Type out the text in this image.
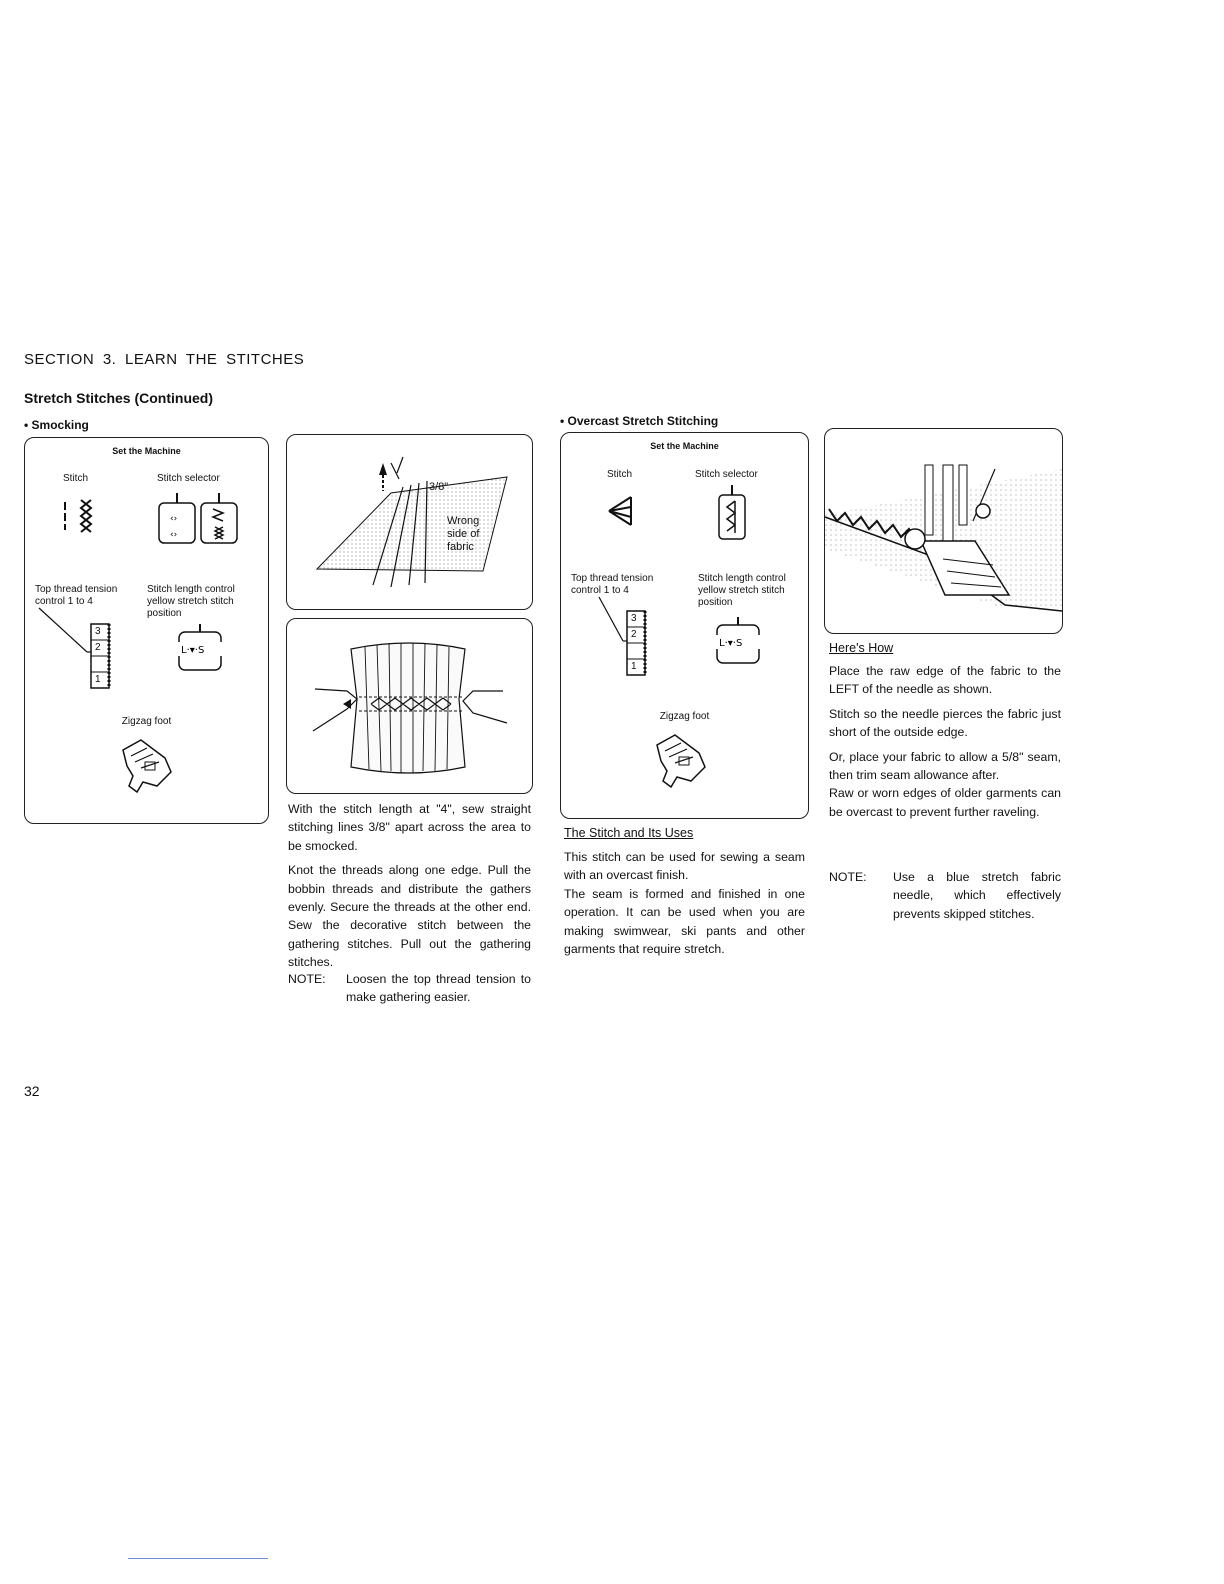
SECTION 3. LEARN THE STITCHES
Stretch Stitches (Continued)
• Smocking
Set the Machine
Stitch	Stitch selector
‹›
‹›
Top thread tension control 1 to 4
Stitch length control yellow stretch stitch position
3
2
1
L·▾·S
Zigzag foot
3/8"
Wrong
side of
fabric

With the stitch length at "4", sew straight stitching lines 3/8" apart across the area to be smocked.

Knot the threads along one edge. Pull the bobbin threads and distribute the gathers evenly. Secure the threads at the other end. Sew the decorative stitch between the gathering stitches. Pull out the gathering stitches.

NOTE:	Loosen the top thread tension to make gathering easier.
• Overcast Stretch Stitching
Set the Machine
Stitch	Stitch selector
Top thread tension control 1 to 4
Stitch length control yellow stretch stitch position
3
2
1
L·▾·S
Zigzag foot
The Stitch and Its Uses

This stitch can be used for sewing a seam with an overcast finish.

The seam is formed and finished in one operation. It can be used when you are making swimwear, ski pants and other garments that require stretch.

Here's How

Place the raw edge of the fabric to the LEFT of the needle as shown.

Stitch so the needle pierces the fabric just short of the outside edge.

Or, place your fabric to allow a 5/8" seam, then trim seam allowance after.

Raw or worn edges of older garments can be overcast to prevent further raveling.

NOTE:	Use a blue stretch fabric needle, which effectively prevents skipped stitches.
32
